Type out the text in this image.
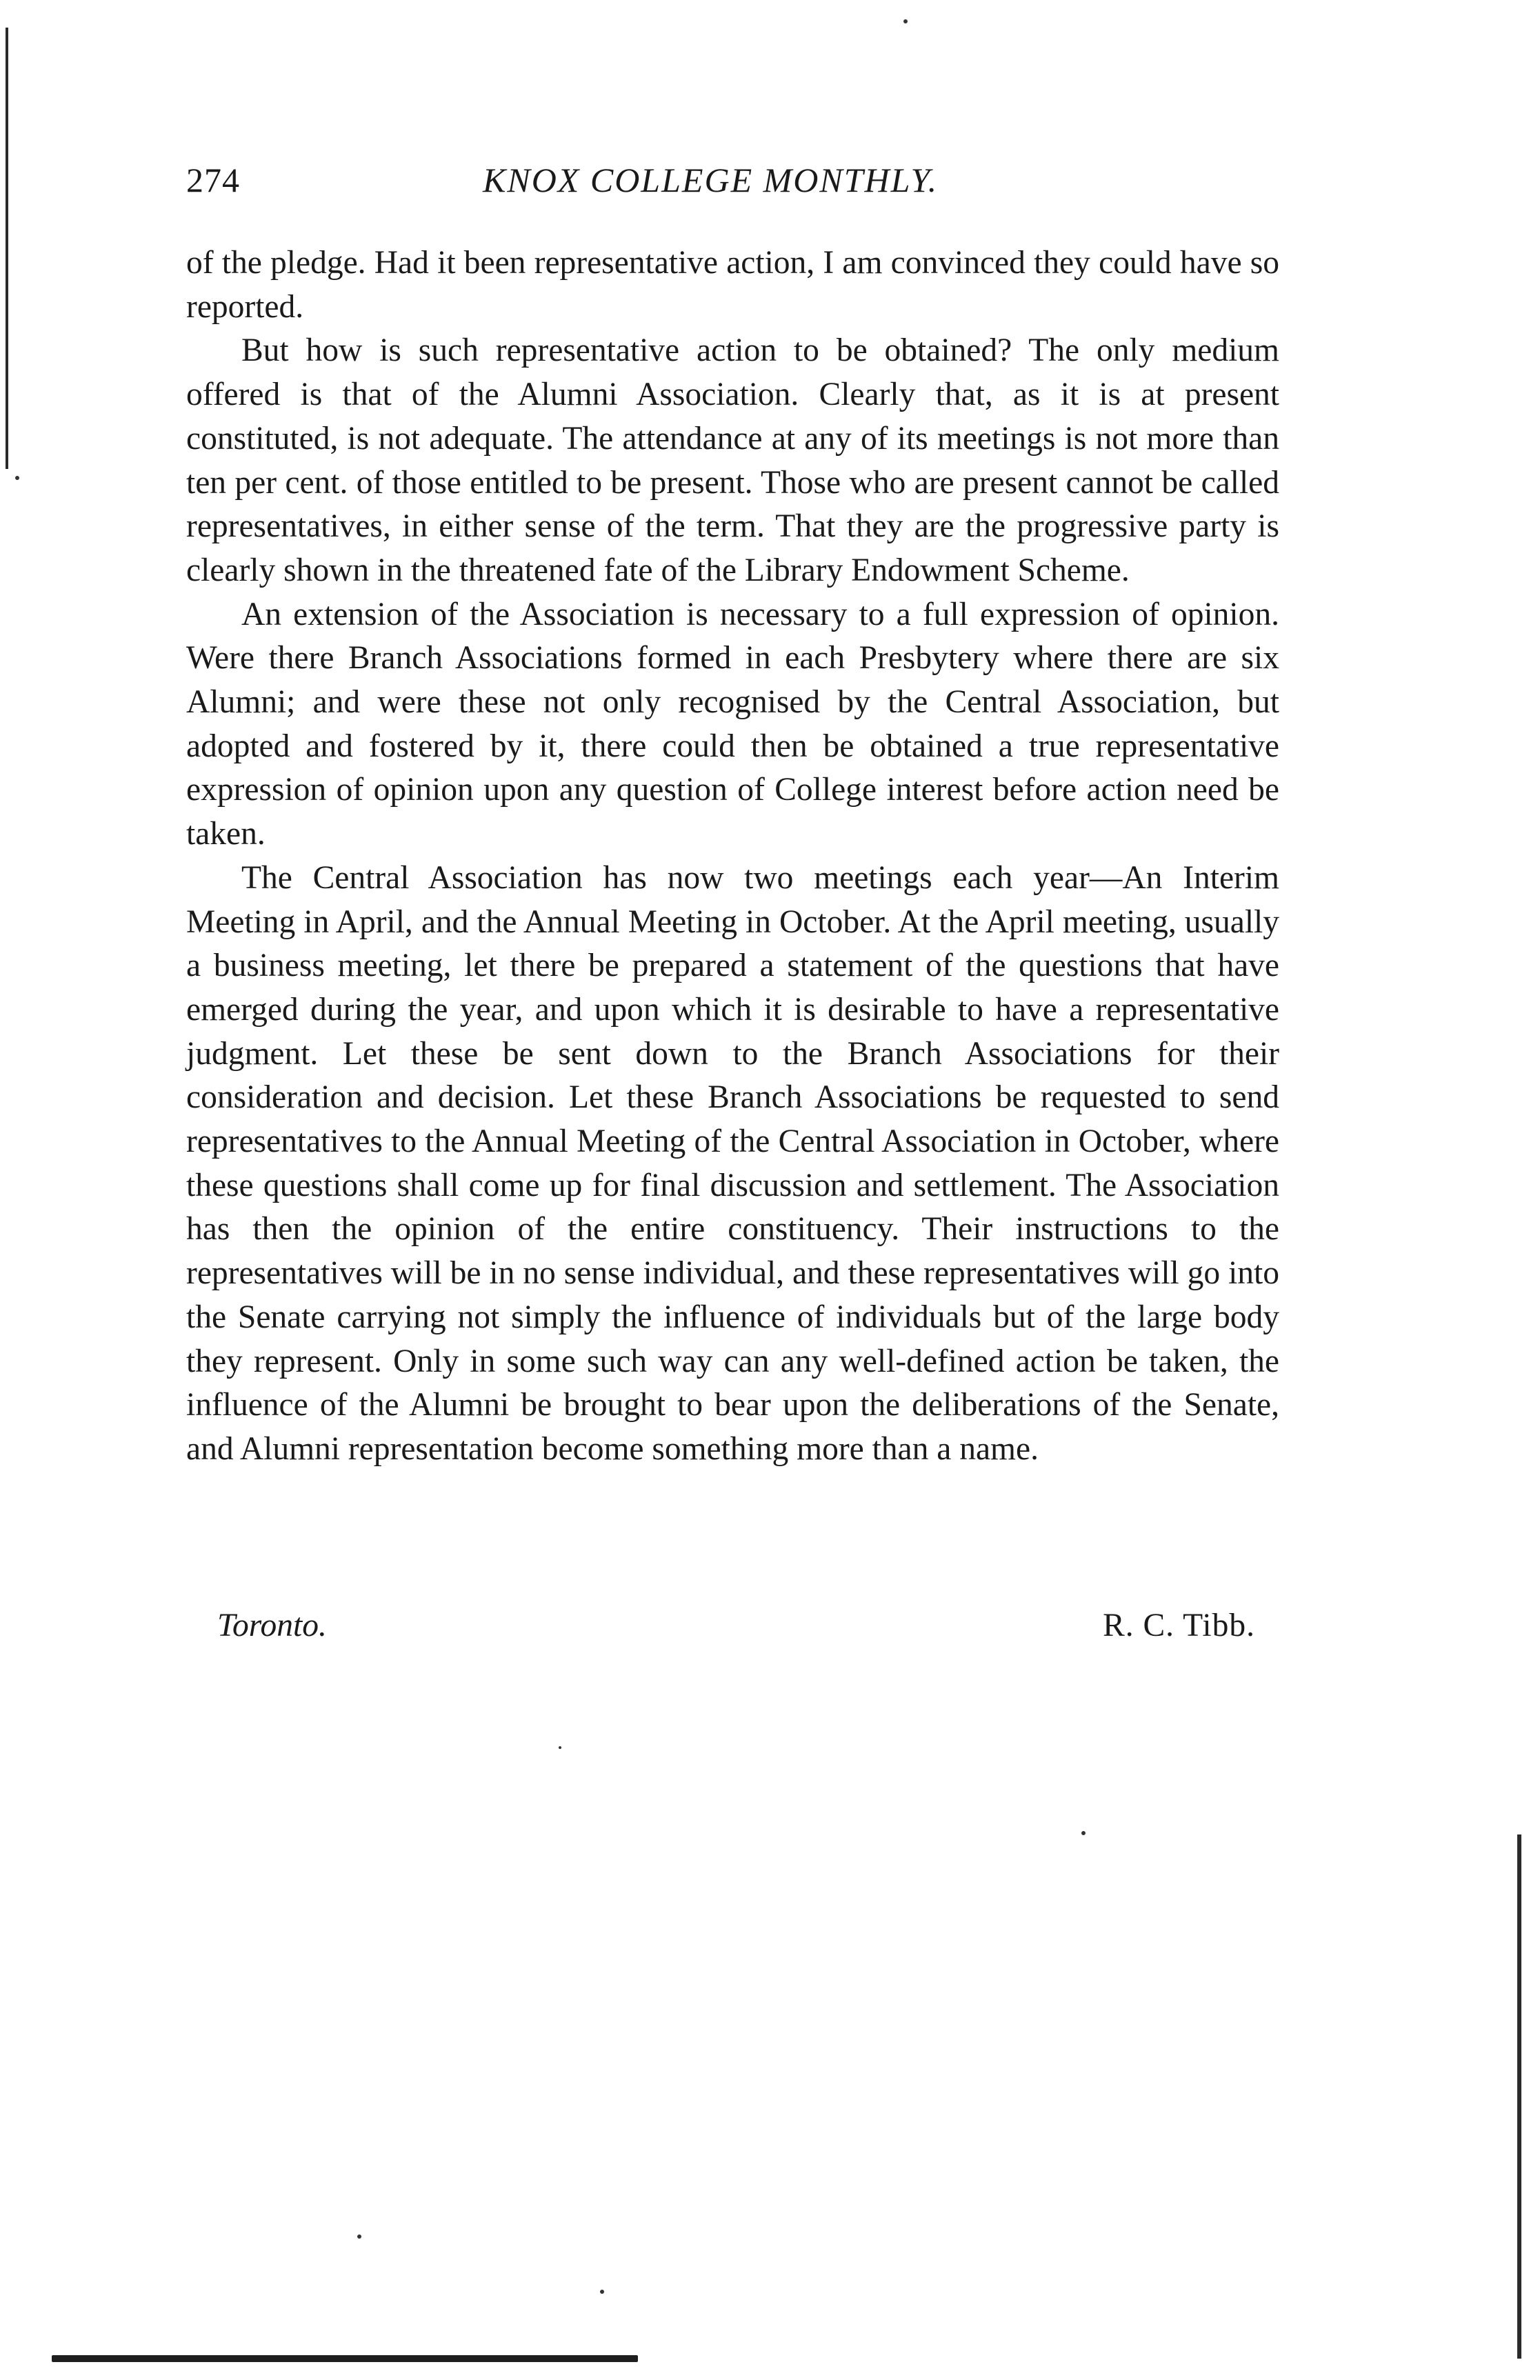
274	KNOX COLLEGE MONTHLY.

of the pledge. Had it been representative action, I am convinced they could have so reported.

But how is such representative action to be obtained? The only medium offered is that of the Alumni Association. Clearly that, as it is at present constituted, is not adequate. The attendance at any of its meetings is not more than ten per cent. of those entitled to be present. Those who are present cannot be called representatives, in either sense of the term. That they are the progressive party is clearly shown in the threatened fate of the Library Endowment Scheme.

An extension of the Association is necessary to a full expression of opinion. Were there Branch Associations formed in each Presbytery where there are six Alumni; and were these not only recognised by the Central Association, but adopted and fostered by it, there could then be obtained a true representative expression of opinion upon any question of College interest before action need be taken.

The Central Association has now two meetings each year—An Interim Meeting in April, and the Annual Meeting in October. At the April meeting, usually a business meeting, let there be prepared a statement of the questions that have emerged during the year, and upon which it is desirable to have a representative judgment. Let these be sent down to the Branch Associations for their consideration and decision. Let these Branch Associations be requested to send representatives to the Annual Meeting of the Central Association in October, where these questions shall come up for final discussion and settlement. The Association has then the opinion of the entire constituency. Their instructions to the representatives will be in no sense individual, and these representatives will go into the Senate carrying not simply the influence of individuals but of the large body they represent. Only in some such way can any well-defined action be taken, the influence of the Alumni be brought to bear upon the deliberations of the Senate, and Alumni representation become something more than a name.

Toronto.	R. C. Tibb.
